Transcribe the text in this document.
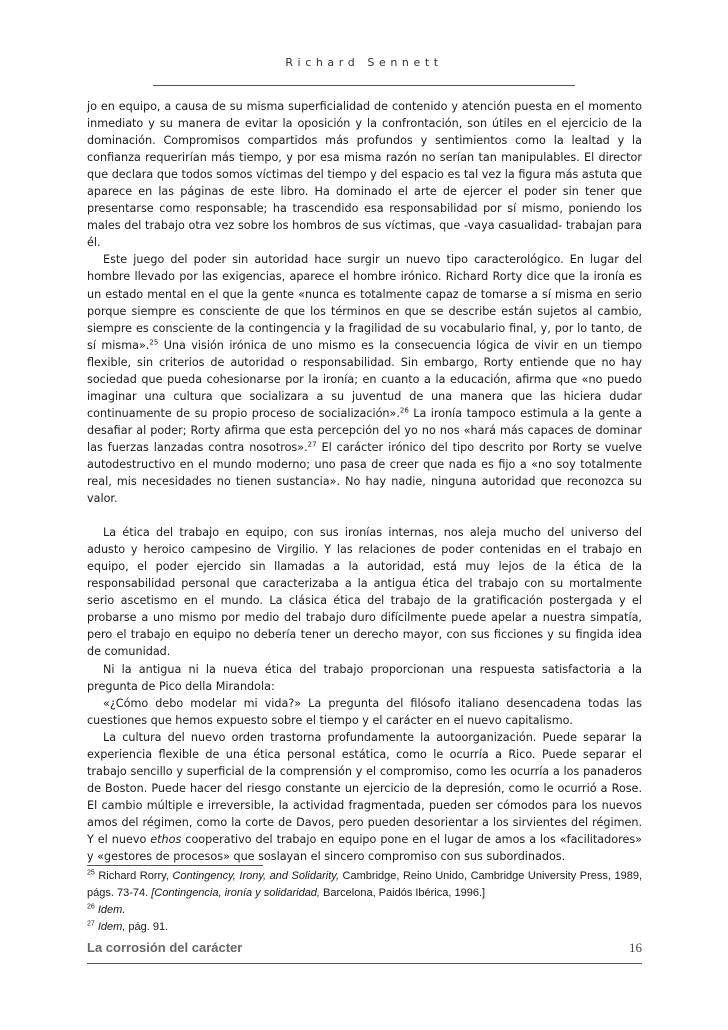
Richard Sennett

jo en equipo, a causa de su misma superficialidad de contenido y atención puesta en el momento inmediato y su manera de evitar la oposición y la confrontación, son útiles en el ejercicio de la dominación. Compromisos compartidos más profundos y sentimientos como la lealtad y la confianza requerirían más tiempo, y por esa misma razón no serían tan manipulables. El director que declara que todos somos víctimas del tiempo y del espacio es tal vez la figura más astuta que aparece en las páginas de este libro. Ha dominado el arte de ejercer el poder sin tener que presentarse como responsable; ha trascendido esa responsabilidad por sí mismo, poniendo los males del trabajo otra vez sobre los hombros de sus víctimas, que -vaya casualidad- trabajan para él.

Este juego del poder sin autoridad hace surgir un nuevo tipo caracterológico. En lugar del hombre llevado por las exigencias, aparece el hombre irónico. Richard Rorty dice que la ironía es un estado mental en el que la gente «nunca es totalmente capaz de tomarse a sí misma en serio porque siempre es consciente de que los términos en que se describe están sujetos al cambio, siempre es consciente de la contingencia y la fragilidad de su vocabulario final, y, por lo tanto, de sí misma».$^{25}$ Una visión irónica de uno mismo es la consecuencia lógica de vivir en un tiempo flexible, sin criterios de autoridad o responsabilidad. Sin embargo, Rorty entiende que no hay sociedad que pueda cohesionarse por la ironía; en cuanto a la educación, afirma que «no puedo imaginar una cultura que socializara a su juventud de una manera que las hiciera dudar continuamente de su propio proceso de socialización».$^{26}$ La ironía tampoco estimula a la gente a desafiar al poder; Rorty afirma que esta percepción del yo no nos «hará más capaces de dominar las fuerzas lanzadas contra nosotros».$^{27}$ El carácter irónico del tipo descrito por Rorty se vuelve autodestructivo en el mundo moderno; uno pasa de creer que nada es fijo a «no soy totalmente real, mis necesidades no tienen sustancia». No hay nadie, ninguna autoridad que reconozca su valor.

La ética del trabajo en equipo, con sus ironías internas, nos aleja mucho del universo del adusto y heroico campesino de Virgilio. Y las relaciones de poder contenidas en el trabajo en equipo, el poder ejercido sin llamadas a la autoridad, está muy lejos de la ética de la responsabilidad personal que caracterizaba a la antigua ética del trabajo con su mortalmente serio ascetismo en el mundo. La clásica ética del trabajo de la gratificación postergada y el probarse a uno mismo por medio del trabajo duro difícilmente puede apelar a nuestra simpatía, pero el trabajo en equipo no debería tener un derecho mayor, con sus ficciones y su fingida idea de comunidad.

Ni la antigua ni la nueva ética del trabajo proporcionan una respuesta satisfactoria a la pregunta de Pico della Mirandola:

«¿Cómo debo modelar mi vida?» La pregunta del filósofo italiano desencadena todas las cuestiones que hemos expuesto sobre el tiempo y el carácter en el nuevo capitalismo.

La cultura del nuevo orden trastorna profundamente la autoorganización. Puede separar la experiencia flexible de una ética personal estática, como le ocurría a Rico. Puede separar el trabajo sencillo y superficial de la comprensión y el compromiso, como les ocurría a los panaderos de Boston. Puede hacer del riesgo constante un ejercicio de la depresión, como le ocurrió a Rose. El cambio múltiple e irreversible, la actividad fragmentada, pueden ser cómodos para los nuevos amos del régimen, como la corte de Davos, pero pueden desorientar a los sirvientes del régimen. Y el nuevo ethos cooperativo del trabajo en equipo pone en el lugar de amos a los «facilitadores» y «gestores de procesos» que soslayan el sincero compromiso con sus subordinados.

$^{25}$ Richard Rorry, Contingency, Irony, and Solidarity, Cambridge, Reino Unido, Cambridge University Press, 1989, págs. 73-74. [Contingencia, ironía y solidaridad, Barcelona, Paidós Ibérica, 1996.]

$^{26}$ Idem.

$^{27}$ Idem, pág. 91.

La corrosión del carácter	16
